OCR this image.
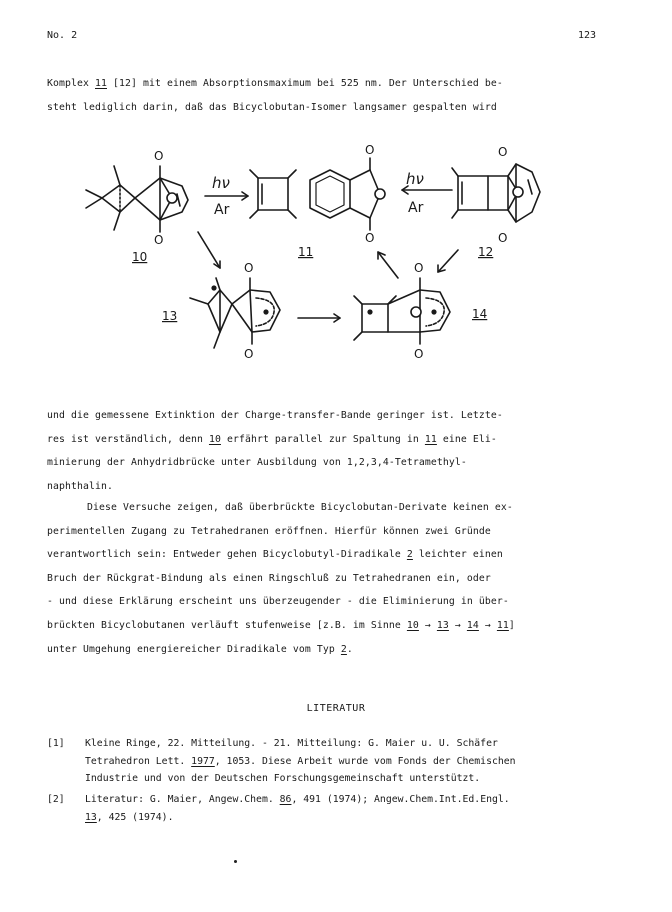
No. 2	123
Komplex 11 [12] mit einem Absorptionsmaximum bei 525 nm. Der Unterschied be-
steht lediglich darin, daß das Bicyclobutan-Isomer langsamer gespalten wird
O
O
10
hν
Ar
O
O
11
hν
Ar
O
O
12
O
O
13
O
O
14
und die gemessene Extinktion der Charge-transfer-Bande geringer ist. Letzte-
res ist verständlich, denn 10 erfährt parallel zur Spaltung in 11 eine Eli-
minierung der Anhydridbrücke unter Ausbildung von 1,2,3,4-Tetramethyl-
naphthalin.
Diese Versuche zeigen, daß überbrückte Bicyclobutan-Derivate keinen ex-
perimentellen Zugang zu Tetrahedranen eröffnen. Hierfür können zwei Gründe
verantwortlich sein: Entweder gehen Bicyclobutyl-Diradikale 2 leichter einen
Bruch der Rückgrat-Bindung als einen Ringschluß zu Tetrahedranen ein, oder
- und diese Erklärung erscheint uns überzeugender - die Eliminierung in über-
brückten Bicyclobutanen verläuft stufenweise [z.B. im Sinne 10 → 13 → 14 → 11]
unter Umgehung energiereicher Diradikale vom Typ 2.
LITERATUR
[1] Kleine Ringe, 22. Mitteilung. - 21. Mitteilung: G. Maier u. U. Schäfer
Tetrahedron Lett. 1977, 1053. Diese Arbeit wurde vom Fonds der Chemischen
Industrie und von der Deutschen Forschungsgemeinschaft unterstützt.
[2] Literatur: G. Maier, Angew.Chem. 86, 491 (1974); Angew.Chem.Int.Ed.Engl.
13, 425 (1974).
